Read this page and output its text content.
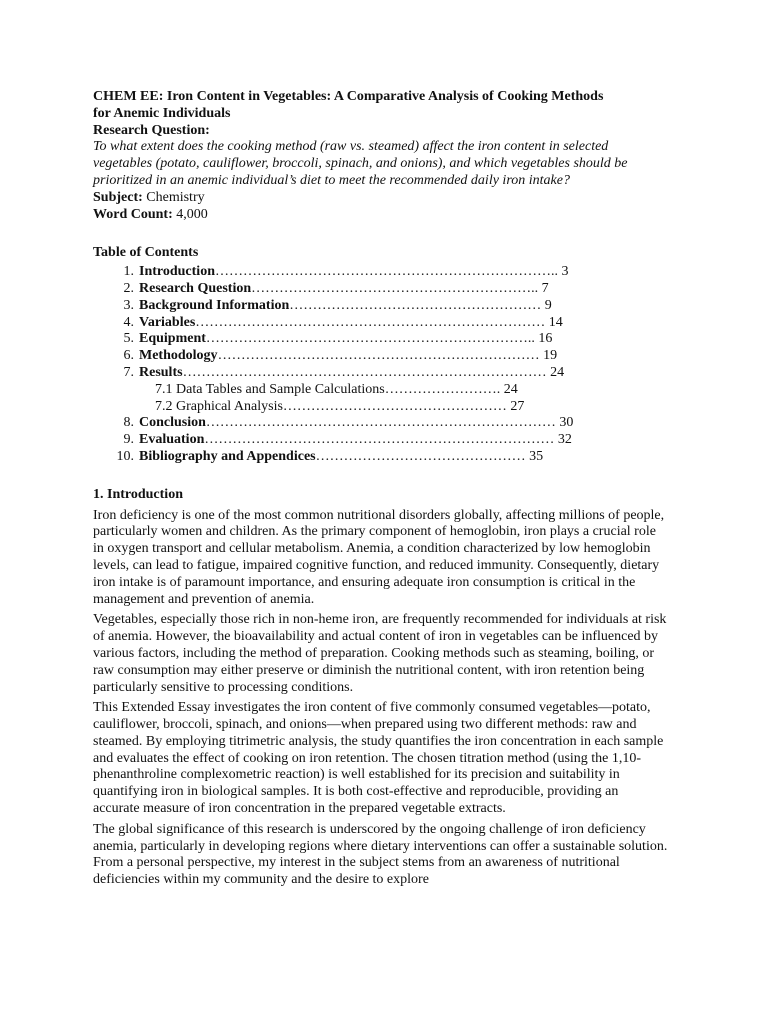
CHEM EE: Iron Content in Vegetables: A Comparative Analysis of Cooking Methods
for Anemic Individuals
Research Question:
To what extent does the cooking method (raw vs. steamed) affect the iron content in selected vegetables (potato, cauliflower, broccoli, spinach, and onions), and which vegetables should be prioritized in an anemic individual’s diet to meet the recommended daily iron intake?
Subject: Chemistry
Word Count: 4,000
Table of Contents
1. Introduction ……………………………………………………………….. 3
2. Research Question …………………………………………………….. 7
3. Background Information ……………………………………………… 9
4. Variables ………………………………………………………………… 14
5. Equipment …………………………………………………………….. 16
6. Methodology …………………………………………………………… 19
7. Results …………………………………………………………………… 24
7.1 Data Tables and Sample Calculations ……………………. 24
7.2 Graphical Analysis ………………………………………… 27
8. Conclusion ………………………………………………………………… 30
9. Evaluation ………………………………………………………………… 32
10. Bibliography and Appendices ……………………………………… 35
1. Introduction

Iron deficiency is one of the most common nutritional disorders globally, affecting millions of people, particularly women and children. As the primary component of hemoglobin, iron plays a crucial role in oxygen transport and cellular metabolism. Anemia, a condition characterized by low hemoglobin levels, can lead to fatigue, impaired cognitive function, and reduced immunity. Consequently, dietary iron intake is of paramount importance, and ensuring adequate iron consumption is critical in the management and prevention of anemia.

Vegetables, especially those rich in non-heme iron, are frequently recommended for individuals at risk of anemia. However, the bioavailability and actual content of iron in vegetables can be influenced by various factors, including the method of preparation. Cooking methods such as steaming, boiling, or raw consumption may either preserve or diminish the nutritional content, with iron retention being particularly sensitive to processing conditions.

This Extended Essay investigates the iron content of five commonly consumed vegetables—potato, cauliflower, broccoli, spinach, and onions—when prepared using two different methods: raw and steamed. By employing titrimetric analysis, the study quantifies the iron concentration in each sample and evaluates the effect of cooking on iron retention. The chosen titration method (using the 1,10-phenanthroline complexometric reaction) is well established for its precision and suitability in quantifying iron in biological samples. It is both cost-effective and reproducible, providing an accurate measure of iron concentration in the prepared vegetable extracts.

The global significance of this research is underscored by the ongoing challenge of iron deficiency anemia, particularly in developing regions where dietary interventions can offer a sustainable solution. From a personal perspective, my interest in the subject stems from an awareness of nutritional deficiencies within my community and the desire to explore
